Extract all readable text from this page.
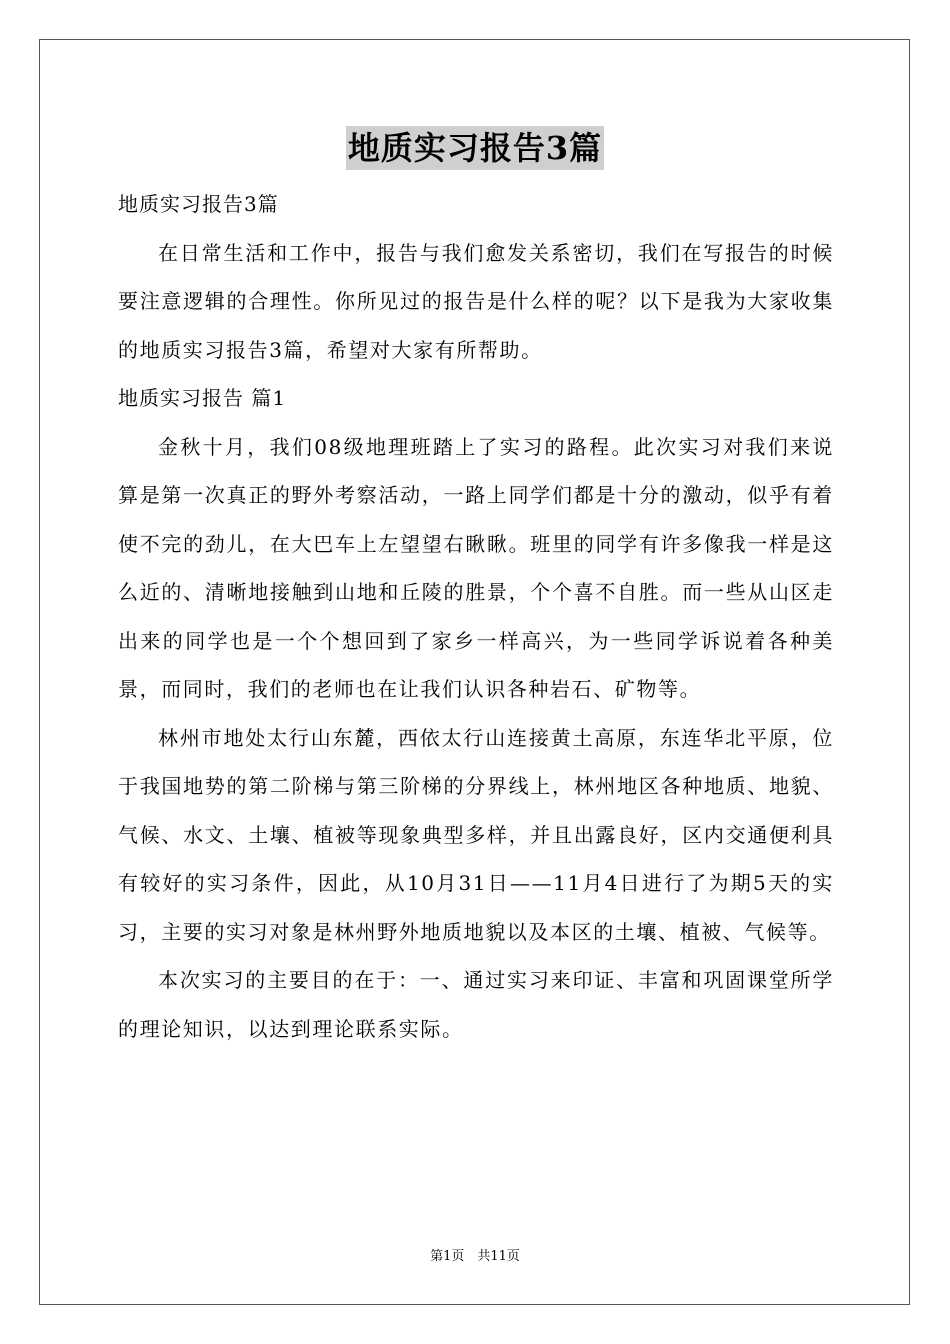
地质实习报告3篇

地质实习报告3篇

在日常生活和工作中，报告与我们愈发关系密切，我们在写报告的时候要注意逻辑的合理性。你所见过的报告是什么样的呢？以下是我为大家收集的地质实习报告3篇，希望对大家有所帮助。

地质实习报告 篇1

金秋十月，我们08级地理班踏上了实习的路程。此次实习对我们来说算是第一次真正的野外考察活动，一路上同学们都是十分的激动，似乎有着使不完的劲儿，在大巴车上左望望右瞅瞅。班里的同学有许多像我一样是这么近的、清晰地接触到山地和丘陵的胜景，个个喜不自胜。而一些从山区走出来的同学也是一个个想回到了家乡一样高兴，为一些同学诉说着各种美景，而同时，我们的老师也在让我们认识各种岩石、矿物等。

林州市地处太行山东麓，西依太行山连接黄土高原，东连华北平原，位于我国地势的第二阶梯与第三阶梯的分界线上，林州地区各种地质、地貌、气候、水文、土壤、植被等现象典型多样，并且出露良好，区内交通便利具有较好的实习条件，因此，从10月31日——11月4日进行了为期5天的实习，主要的实习对象是林州野外地质地貌以及本区的土壤、植被、气候等。

本次实习的主要目的在于：一、通过实习来印证、丰富和巩固课堂所学的理论知识，以达到理论联系实际。

第1页　共11页
